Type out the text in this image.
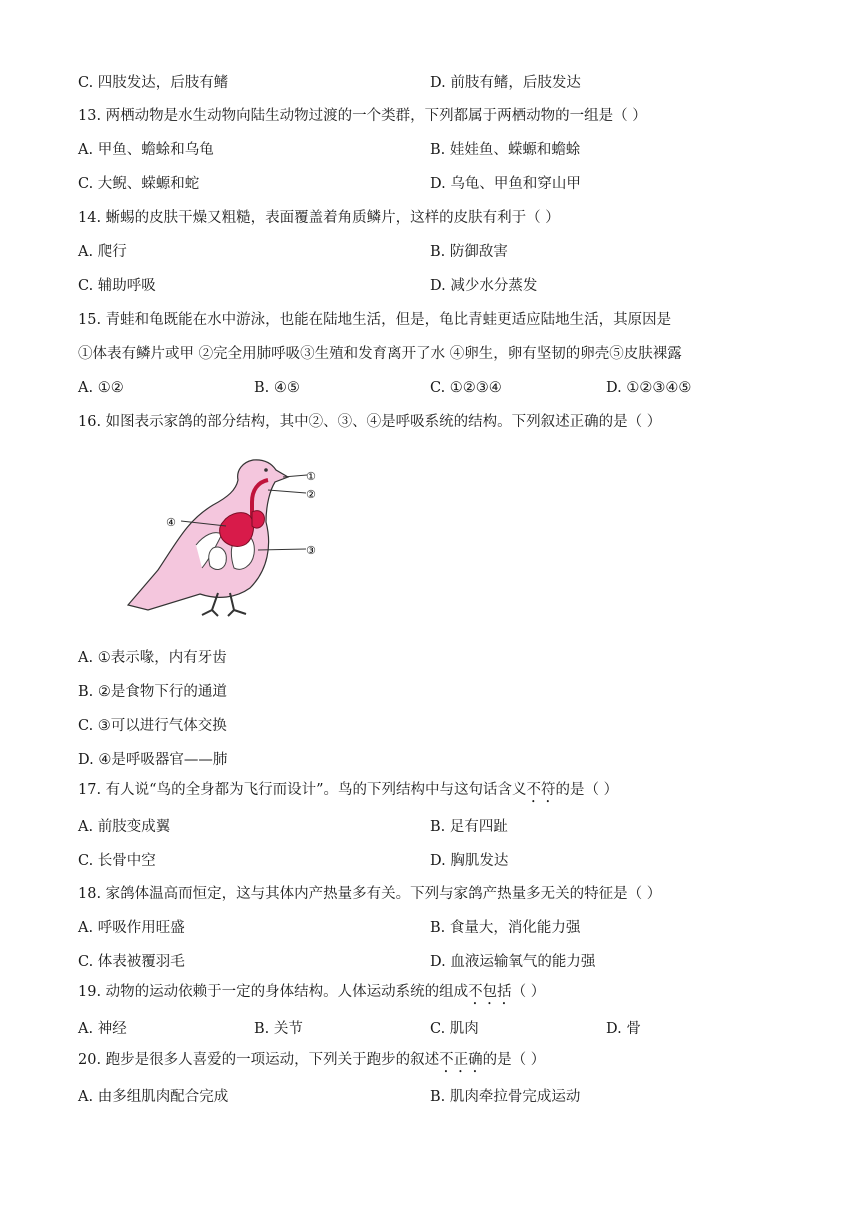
C. 四肢发达，后肢有鳍	D. 前肢有鳍，后肢发达
13. 两栖动物是水生动物向陆生动物过渡的一个类群，下列都属于两栖动物的一组是（ ）
A. 甲鱼、蟾蜍和乌龟	B. 娃娃鱼、蝾螈和蟾蜍
C. 大鲵、蝾螈和蛇	D. 乌龟、甲鱼和穿山甲
14. 蜥蜴的皮肤干燥又粗糙，表面覆盖着角质鳞片，这样的皮肤有利于（ ）
A. 爬行	B. 防御敌害
C. 辅助呼吸	D. 减少水分蒸发
15. 青蛙和龟既能在水中游泳，也能在陆地生活，但是，龟比青蛙更适应陆地生活，其原因是
①体表有鳞片或甲 ②完全用肺呼吸③生殖和发育离开了水 ④卵生，卵有坚韧的卵壳⑤皮肤裸露
A. ①②	B. ④⑤	C. ①②③④	D. ①②③④⑤
16. 如图表示家鸽的部分结构，其中②、③、④是呼吸系统的结构。下列叙述正确的是（ ）
①
②
③
④
A. ①表示喙，内有牙齿
B. ②是食物下行的通道
C. ③可以进行气体交换
D. ④是呼吸器官——肺
17. 有人说“鸟的全身都为飞行而设计”。鸟的下列结构中与这句话含义不符的是（ ）
A. 前肢变成翼	B. 足有四趾
C. 长骨中空	D. 胸肌发达
18. 家鸽体温高而恒定，这与其体内产热量多有关。下列与家鸽产热量多无关的特征是（ ）
A. 呼吸作用旺盛	B. 食量大，消化能力强
C. 体表被覆羽毛	D. 血液运输氧气的能力强
19. 动物的运动依赖于一定的身体结构。人体运动系统的组成不包括（ ）
A. 神经	B. 关节	C. 肌肉	D. 骨
20. 跑步是很多人喜爱的一项运动，下列关于跑步的叙述不正确的是（ ）
A. 由多组肌肉配合完成	B. 肌肉牵拉骨完成运动
